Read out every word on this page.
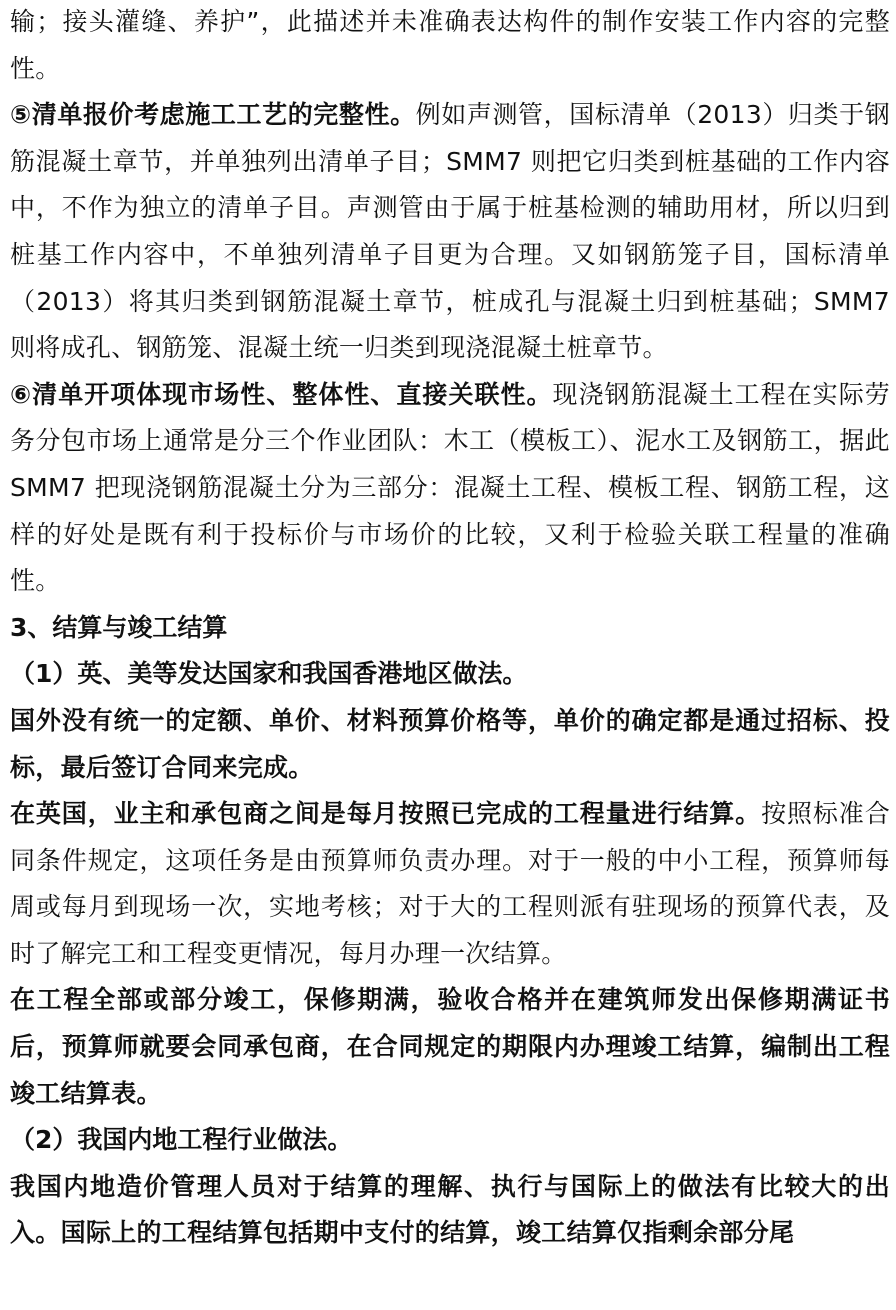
输；接头灌缝、养护”，此描述并未准确表达构件的制作安装工作内容的完整性。

⑤清单报价考虑施工工艺的完整性。例如声测管，国标清单（2013）归类于钢筋混凝土章节，并单独列出清单子目；SMM7 则把它归类到桩基础的工作内容中，不作为独立的清单子目。声测管由于属于桩基检测的辅助用材，所以归到桩基工作内容中，不单独列清单子目更为合理。又如钢筋笼子目，国标清单（2013）将其归类到钢筋混凝土章节，桩成孔与混凝土归到桩基础；SMM7 则将成孔、钢筋笼、混凝土统一归类到现浇混凝土桩章节。

⑥清单开项体现市场性、整体性、直接关联性。现浇钢筋混凝土工程在实际劳务分包市场上通常是分三个作业团队：木工（模板工）、泥水工及钢筋工，据此SMM7 把现浇钢筋混凝土分为三部分：混凝土工程、模板工程、钢筋工程，这样的好处是既有利于投标价与市场价的比较，又利于检验关联工程量的准确性。

3、结算与竣工结算

（1）英、美等发达国家和我国香港地区做法。

国外没有统一的定额、单价、材料预算价格等，单价的确定都是通过招标、投标，最后签订合同来完成。

在英国，业主和承包商之间是每月按照已完成的工程量进行结算。按照标准合同条件规定，这项任务是由预算师负责办理。对于一般的中小工程，预算师每周或每月到现场一次，实地考核；对于大的工程则派有驻现场的预算代表，及时了解完工和工程变更情况，每月办理一次结算。

在工程全部或部分竣工，保修期满，验收合格并在建筑师发出保修期满证书后，预算师就要会同承包商，在合同规定的期限内办理竣工结算，编制出工程竣工结算表。

（2）我国内地工程行业做法。

我国内地造价管理人员对于结算的理解、执行与国际上的做法有比较大的出入。国际上的工程结算包括期中支付的结算，竣工结算仅指剩余部分尾
